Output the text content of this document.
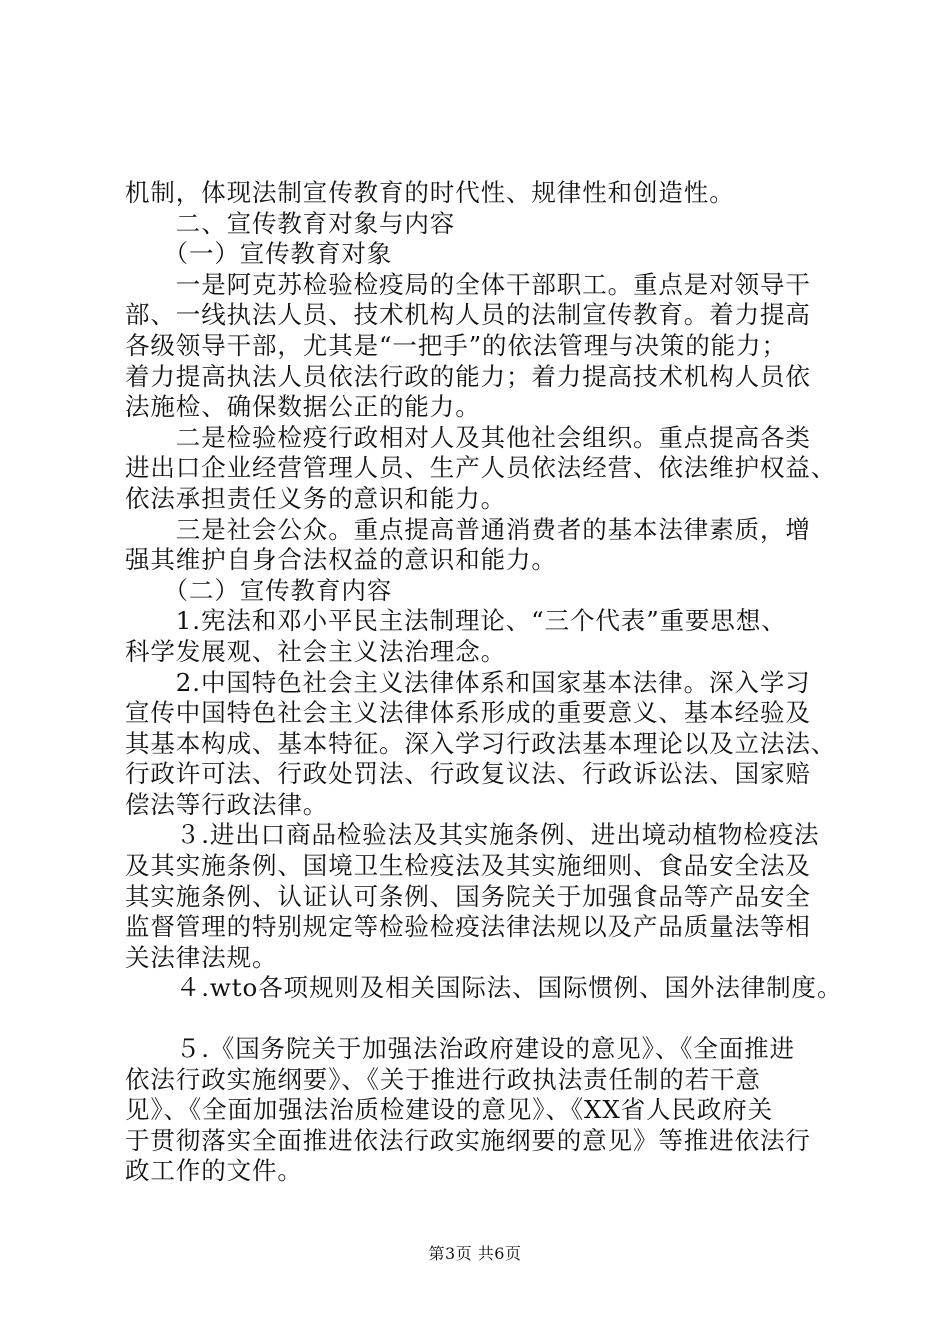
机制，体现法制宣传教育的时代性、规律性和创造性。
　　二、宣传教育对象与内容
　　（一）宣传教育对象
　　一是阿克苏检验检疫局的全体干部职工。重点是对领导干
部、一线执法人员、技术机构人员的法制宣传教育。着力提高
各级领导干部，尤其是“一把手”的依法管理与决策的能力；
着力提高执法人员依法行政的能力；着力提高技术机构人员依
法施检、确保数据公正的能力。
　　二是检验检疫行政相对人及其他社会组织。重点提高各类
进出口企业经营管理人员、生产人员依法经营、依法维护权益、
依法承担责任义务的意识和能力。
　　三是社会公众。重点提高普通消费者的基本法律素质，增
强其维护自身合法权益的意识和能力。
　　（二）宣传教育内容
　　1.宪法和邓小平民主法制理论、“三个代表”重要思想、
科学发展观、社会主义法治理念。
　　2.中国特色社会主义法律体系和国家基本法律。深入学习
宣传中国特色社会主义法律体系形成的重要意义、基本经验及
其基本构成、基本特征。深入学习行政法基本理论以及立法法、
行政许可法、行政处罚法、行政复议法、行政诉讼法、国家赔
偿法等行政法律。
　　３.进出口商品检验法及其实施条例、进出境动植物检疫法
及其实施条例、国境卫生检疫法及其实施细则、食品安全法及
其实施条例、认证认可条例、国务院关于加强食品等产品安全
监督管理的特别规定等检验检疫法律法规以及产品质量法等相
关法律法规。
　　４.wto各项规则及相关国际法、国际惯例、国外法律制度。
　　５.《国务院关于加强法治政府建设的意见》、《全面推进
依法行政实施纲要》、《关于推进行政执法责任制的若干意
见》、《全面加强法治质检建设的意见》、《XX省人民政府关
于贯彻落实全面推进依法行政实施纲要的意见》等推进依法行
政工作的文件。
第3页 共6页
